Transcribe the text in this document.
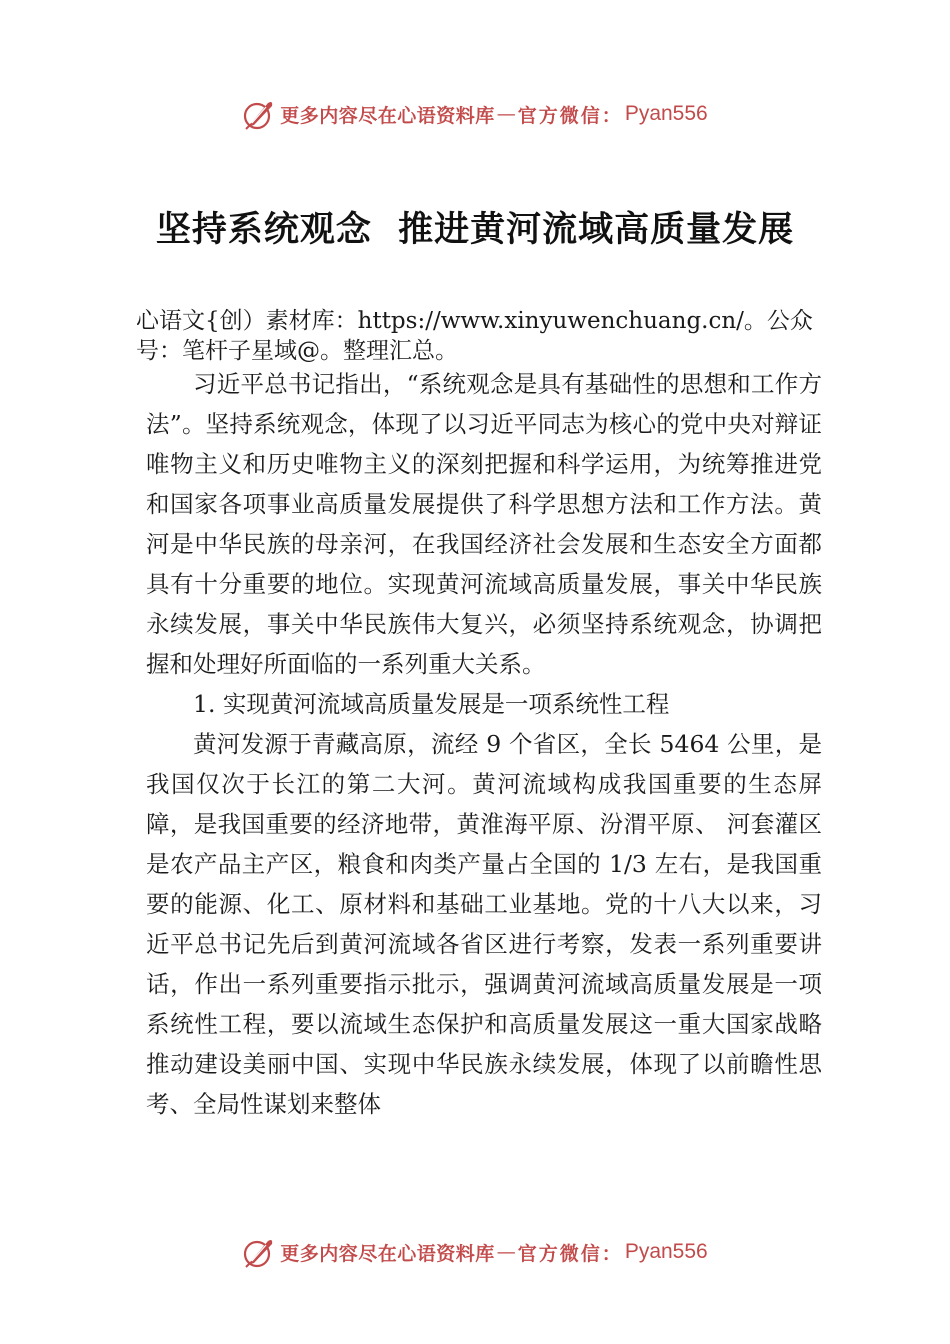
更多内容尽在心语资料库 — 官方微信： Pyan556
坚持系统观念  推进黄河流域高质量发展
心语文{创）素材库：https://www.xinyuwenchuang.cn/。公众号：笔杆子星域@。整理汇总。

习近平总书记指出，“系统观念是具有基础性的思想和工作方法”。坚持系统观念，体现了以习近平同志为核心的党中央对辩证唯物主义和历史唯物主义的深刻把握和科学运用，为统筹推进党和国家各项事业高质量发展提供了科学思想方法和工作方法。黄河是中华民族的母亲河，在我国经济社会发展和生态安全方面都具有十分重要的地位。实现黄河流域高质量发展，事关中华民族永续发展，事关中华民族伟大复兴，必须坚持系统观念，协调把握和处理好所面临的一系列重大关系。

1. 实现黄河流域高质量发展是一项系统性工程

黄河发源于青藏高原，流经 9 个省区，全长 5464 公里，是我国仅次于长江的第二大河。黄河流域构成我国重要的生态屏障，是我国重要的经济地带，黄淮海平原、汾渭平原、 河套灌区是农产品主产区，粮食和肉类产量占全国的 1/3 左右，是我国重要的能源、化工、原材料和基础工业基地。党的十八大以来，习近平总书记先后到黄河流域各省区进行考察，发表一系列重要讲话，作出一系列重要指示批示，强调黄河流域高质量发展是一项系统性工程，要以流域生态保护和高质量发展这一重大国家战略推动建设美丽中国、实现中华民族永续发展，体现了以前瞻性思考、全局性谋划来整体

更多内容尽在心语资料库 — 官方微信： Pyan556
